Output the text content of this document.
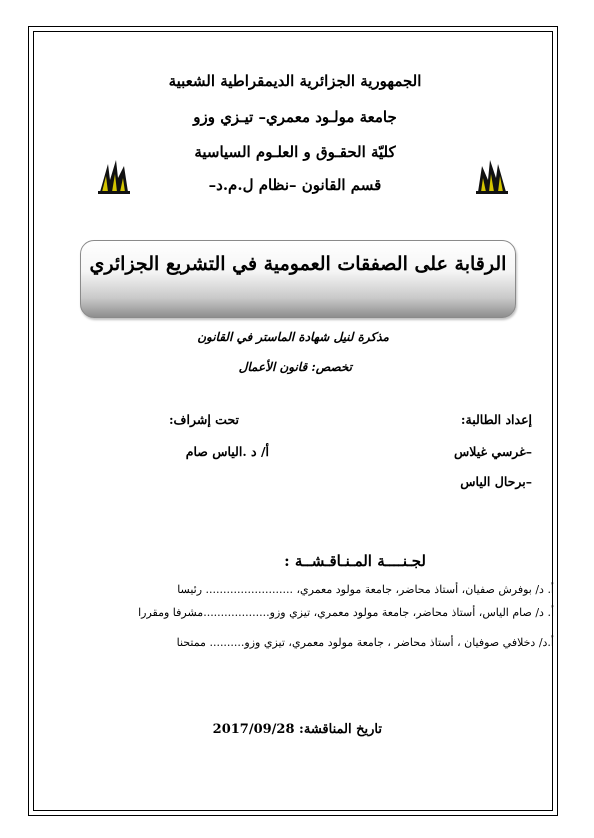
الجمهورية الجزائرية الديمقراطية الشعبية
جامعة مولـود معمري– تيـزي وزو
كليّة الحقـوق و العلـوم السياسية
قسم القانون –نظام ل.م.د–
الرقابة على الصفقات العمومية في التشريع الجزائري
مذكرة لنيل شهادة الماستر في القانون
تخصص: قانون الأعمال
إعداد الطالبة:
–غرسي غيلاس
–برحال الياس
تحت إشراف:
أ/ د .الياس صام
لجـنــــة المـنـاقـشــة :
أ. د/ بوفرش صفيان، أستاذ محاضر، جامعة مولود معمري، ......................... رئيسا
أ. د/ صام الياس، أستاذ محاضر، جامعة مولود معمري، تيزي وزو...................مشرفا ومقررا
أ.د/ دخلافي صوفيان ، أستاذ محاضر ، جامعة مولود معمري، تيزي وزو.......... ممتحنا
تاريخ المناقشة: 2017/09/28
